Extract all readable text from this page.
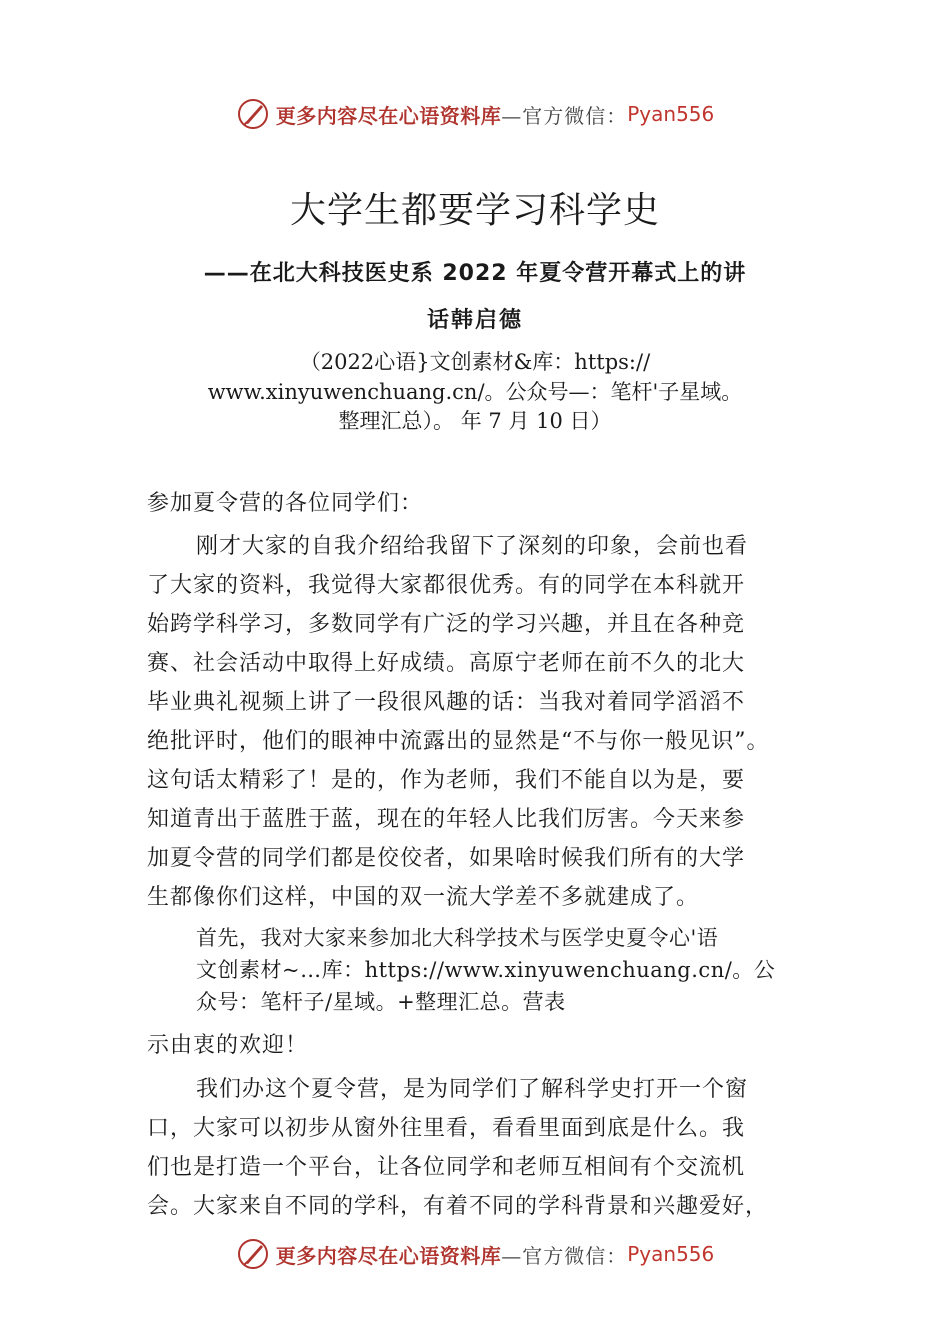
更多内容尽在心语资料库 —官方微信： Pyan556
大学生都要学习科学史
——在北大科技医史系 2022 年夏令营开幕式上的讲
话韩启德
（2022心语}文创素材&库：https://
www.xinyuwenchuang.cn/。公众号—：笔杆'子星域。
整理汇总）。 年 7 月 10 日）
参加夏令营的各位同学们：
刚才大家的自我介绍给我留下了深刻的印象，会前也看
了大家的资料，我觉得大家都很优秀。有的同学在本科就开
始跨学科学习，多数同学有广泛的学习兴趣，并且在各种竞
赛、社会活动中取得上好成绩。高原宁老师在前不久的北大
毕业典礼视频上讲了一段很风趣的话：当我对着同学滔滔不
绝批评时，他们的眼神中流露出的显然是“不与你一般见识”。
这句话太精彩了！是的，作为老师，我们不能自以为是，要
知道青出于蓝胜于蓝，现在的年轻人比我们厉害。今天来参
加夏令营的同学们都是佼佼者，如果啥时候我们所有的大学
生都像你们这样，中国的双一流大学差不多就建成了。
首先，我对大家来参加北大科学技术与医学史夏令心'语
文创素材~…库：https://www.xinyuwenchuang.cn/。公
众号：笔杆子/星域。+整理汇总。营表
示由衷的欢迎！
我们办这个夏令营，是为同学们了解科学史打开一个窗
口，大家可以初步从窗外往里看，看看里面到底是什么。我
们也是打造一个平台，让各位同学和老师互相间有个交流机
会。大家来自不同的学科，有着不同的学科背景和兴趣爱好，
更多内容尽在心语资料库 —官方微信： Pyan556
